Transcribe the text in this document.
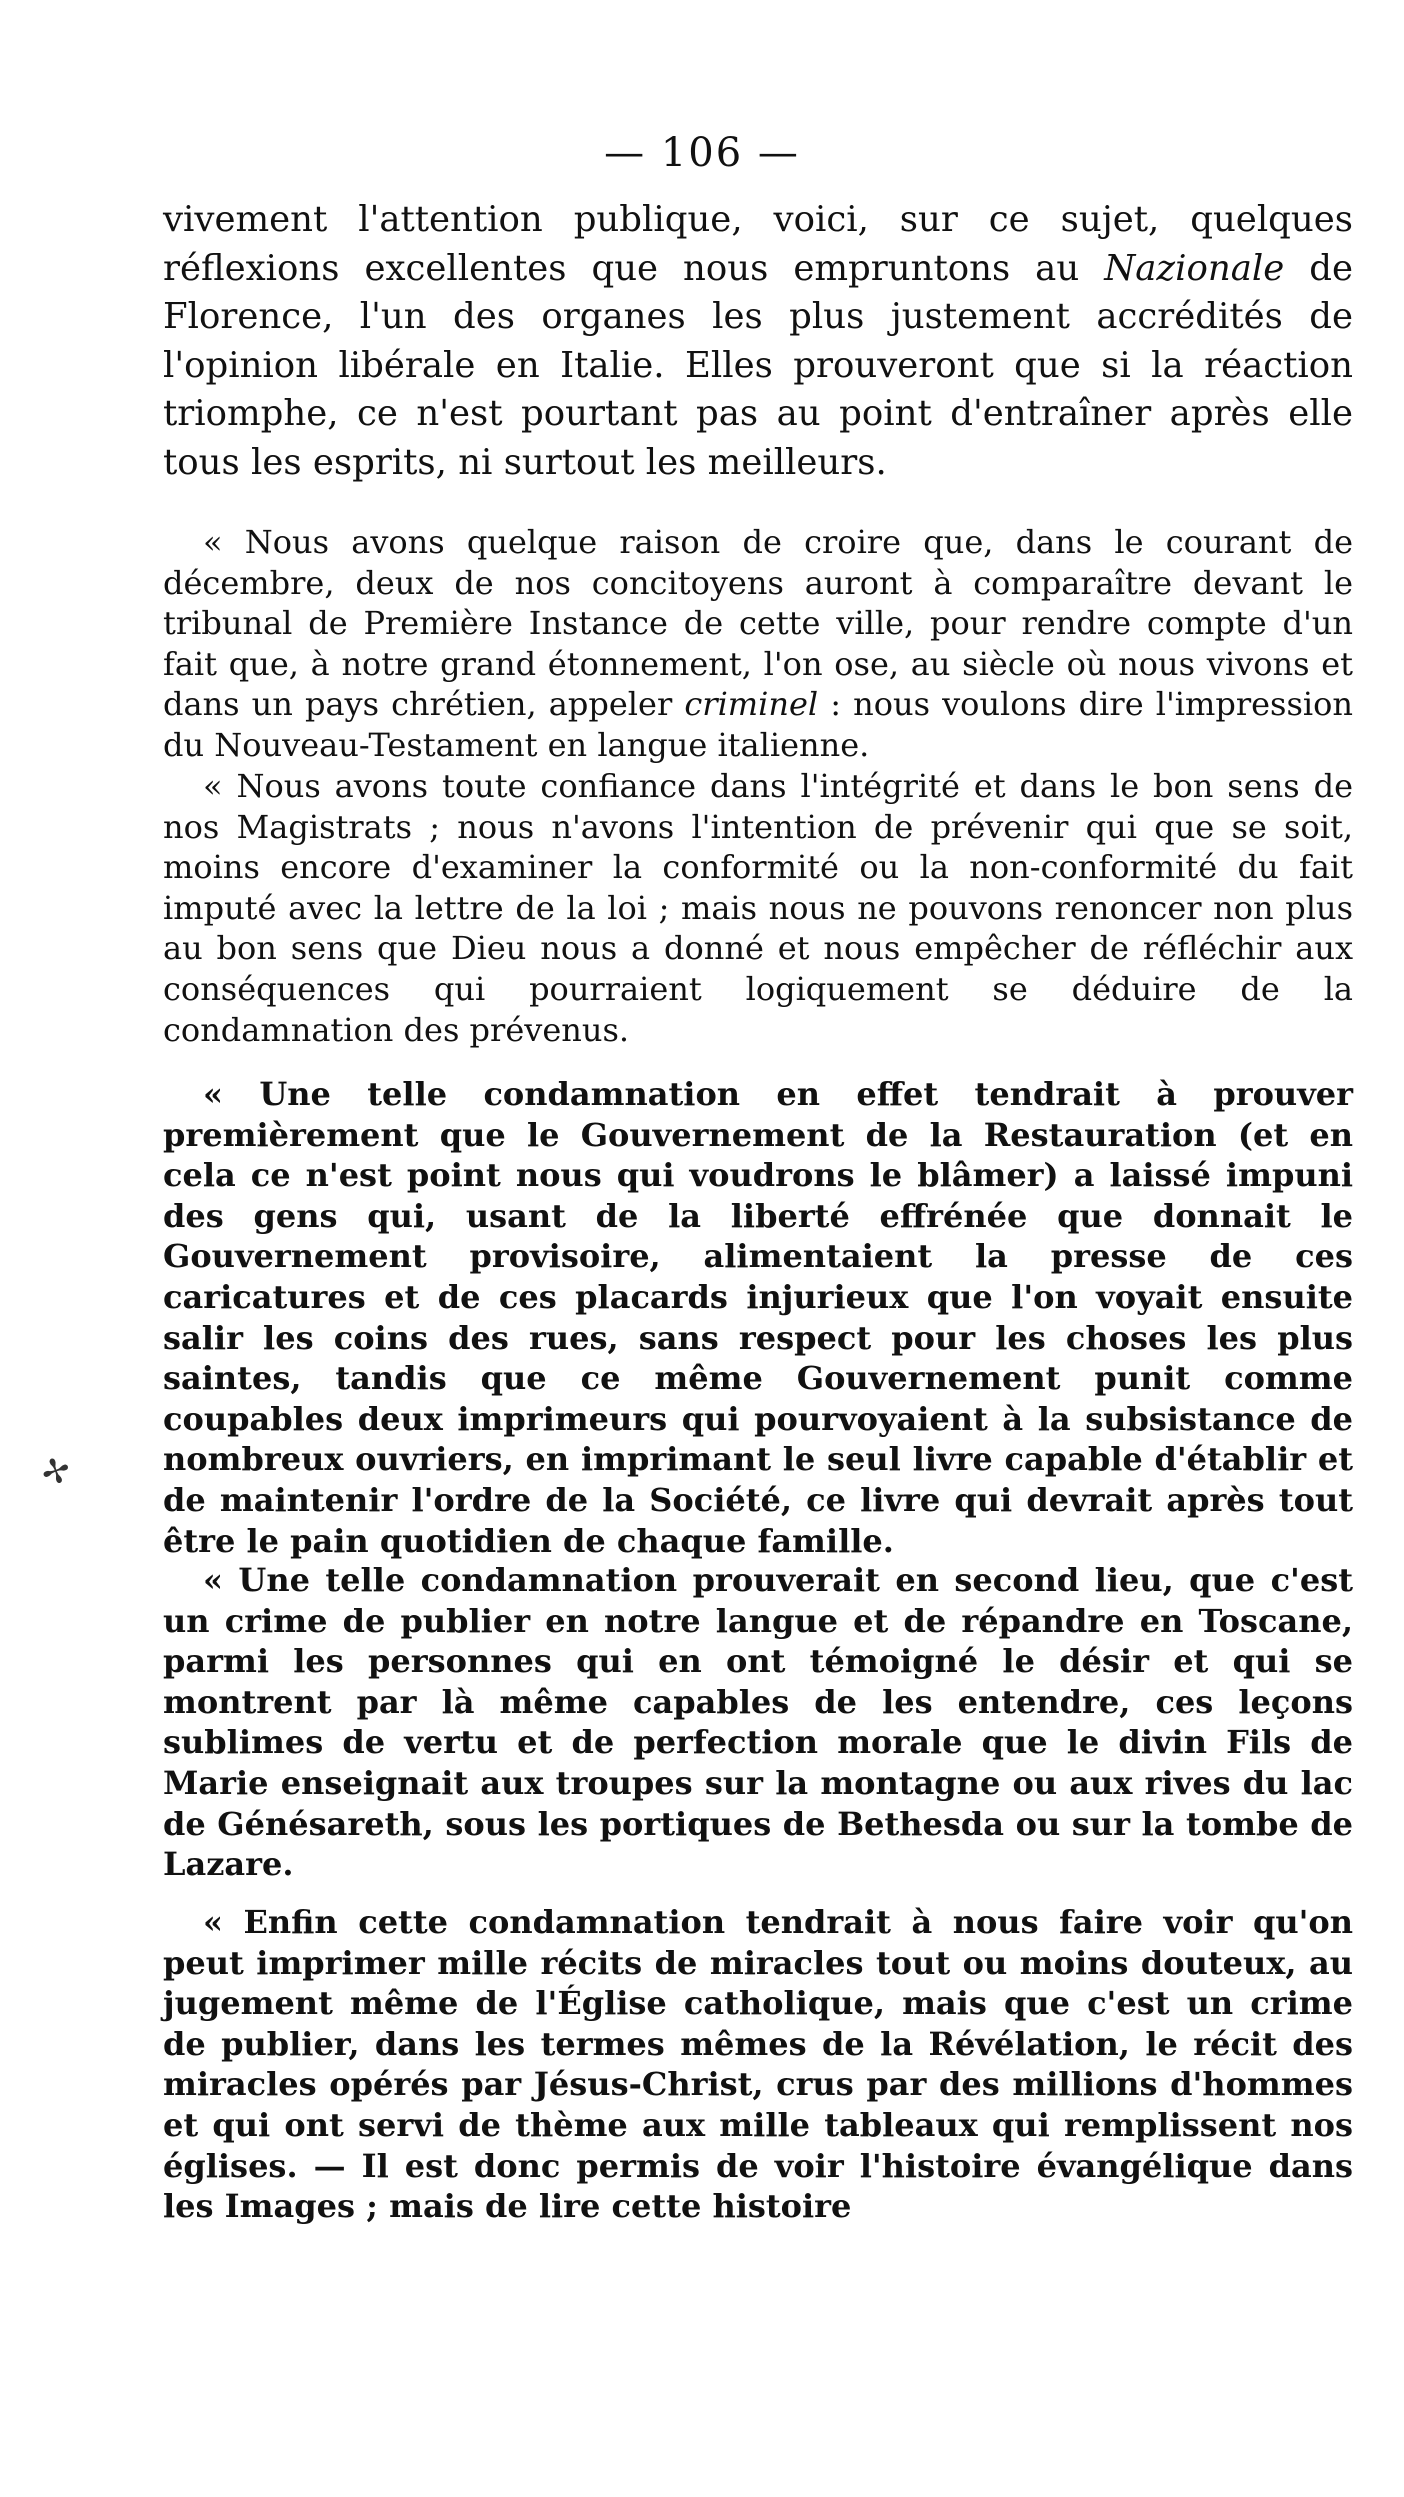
— 106 —

vivement l'attention publique, voici, sur ce sujet, quelques réflexions excellentes que nous empruntons au Nazionale de Florence, l'un des organes les plus justement accrédités de l'opinion libérale en Italie. Elles prouveront que si la réaction triomphe, ce n'est pourtant pas au point d'entraîner après elle tous les esprits, ni surtout les meilleurs.

« Nous avons quelque raison de croire que, dans le courant de décembre, deux de nos concitoyens auront à comparaître devant le tribunal de Première Instance de cette ville, pour rendre compte d'un fait que, à notre grand étonnement, l'on ose, au siècle où nous vivons et dans un pays chrétien, appeler criminel : nous voulons dire l'impression du Nouveau-Testament en langue italienne.

« Nous avons toute confiance dans l'intégrité et dans le bon sens de nos Magistrats ; nous n'avons l'intention de prévenir qui que se soit, moins encore d'examiner la conformité ou la non-conformité du fait imputé avec la lettre de la loi ; mais nous ne pouvons renoncer non plus au bon sens que Dieu nous a donné et nous empêcher de réfléchir aux conséquences qui pourraient logiquement se déduire de la condamnation des prévenus.

« Une telle condamnation en effet tendrait à prouver premièrement que le Gouvernement de la Restauration (et en cela ce n'est point nous qui voudrons le blâmer) a laissé impuni des gens qui, usant de la liberté effrénée que donnait le Gouvernement provisoire, alimentaient la presse de ces caricatures et de ces placards injurieux que l'on voyait ensuite salir les coins des rues, sans respect pour les choses les plus saintes, tandis que ce même Gouvernement punit comme coupables deux imprimeurs qui pourvoyaient à la subsistance de nombreux ouvriers, en imprimant le seul livre capable d'établir et de maintenir l'ordre de la Société, ce livre qui devrait après tout être le pain quotidien de chaque famille.

« Une telle condamnation prouverait en second lieu, que c'est un crime de publier en notre langue et de répandre en Toscane, parmi les personnes qui en ont témoigné le désir et qui se montrent par là même capables de les entendre, ces leçons sublimes de vertu et de perfection morale que le divin Fils de Marie enseignait aux troupes sur la montagne ou aux rives du lac de Génésareth, sous les portiques de Bethesda ou sur la tombe de Lazare.

« Enfin cette condamnation tendrait à nous faire voir qu'on peut imprimer mille récits de miracles tout ou moins douteux, au jugement même de l'Église catholique, mais que c'est un crime de publier, dans les termes mêmes de la Révélation, le récit des miracles opérés par Jésus-Christ, crus par des millions d'hommes et qui ont servi de thème aux mille tableaux qui remplissent nos églises. — Il est donc permis de voir l'histoire évangélique dans les Images ; mais de lire cette histoire

✢
